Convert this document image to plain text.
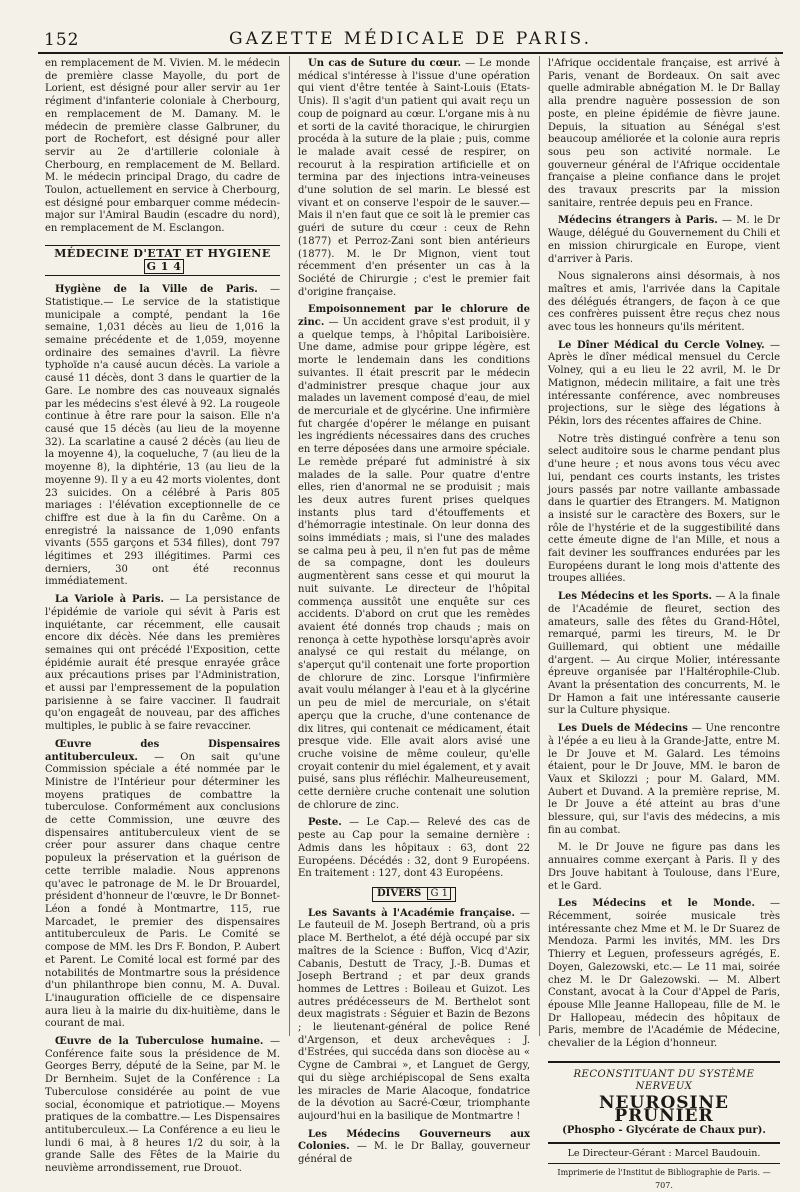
152	GAZETTE MÉDICALE DE PARIS.

en remplacement de M. Vivien. M. le médecin de première classe Mayolle, du port de Lorient, est désigné pour aller servir au 1er régiment d'infanterie coloniale à Cherbourg, en remplacement de M. Damany. M. le médecin de première classe Galbruner, du port de Rochefort, est désigné pour aller servir au 2e d'artillerie coloniale à Cherbourg, en remplacement de M. Bellard. M. le médecin principal Drago, du cadre de Toulon, actuellement en service à Cherbourg, est désigné pour embarquer comme médecin-major sur l'Amiral Baudin (escadre du nord), en remplacement de M. Esclangon.

MÉDECINE D'ETAT ET HYGIENE G 1 4

Hygiène de la Ville de Paris. — Statistique.— Le service de la statistique municipale a compté, pendant la 16e semaine, 1,031 décès au lieu de 1,016 la semaine précédente et de 1,059, moyenne ordinaire des semaines d'avril. La fièvre typhoïde n'a causé aucun décès. La variole a causé 11 décès, dont 3 dans le quartier de la Gare. Le nombre des cas nouveaux signalés par les médecins s'est élevé à 92. La rougeole continue à être rare pour la saison. Elle n'a causé que 15 décès (au lieu de la moyenne 32). La scarlatine a causé 2 décès (au lieu de la moyenne 4), la coqueluche, 7 (au lieu de la moyenne 8), la diphtérie, 13 (au lieu de la moyenne 9). Il y a eu 42 morts violentes, dont 23 suicides. On a célébré à Paris 805 mariages : l'élévation exceptionnelle de ce chiffre est due à la fin du Carême. On a enregistré la naissance de 1,090 enfants vivants (555 garçons et 534 filles), dont 797 légitimes et 293 illégitimes. Parmi ces derniers, 30 ont été reconnus immédiatement.

La Variole à Paris. — La persistance de l'épidémie de variole qui sévit à Paris est inquiétante, car récemment, elle causait encore dix décès. Née dans les premières semaines qui ont précédé l'Exposition, cette épidémie aurait été presque enrayée grâce aux précautions prises par l'Administration, et aussi par l'empressement de la population parisienne à se faire vacciner. Il faudrait qu'on engageât de nouveau, par des affiches multiples, le public à se faire revacciner.

Œuvre des Dispensaires antituberculeux. — On sait qu'une Commission spéciale a été nommée par le Ministre de l'Intérieur pour déterminer les moyens pratiques de combattre la tuberculose. Conformément aux conclusions de cette Commission, une œuvre des dispensaires antituberculeux vient de se créer pour assurer dans chaque centre populeux la préservation et la guérison de cette terrible maladie. Nous apprenons qu'avec le patronage de M. le Dr Brouardel, président d'honneur de l'œuvre, le Dr Bonnet-Léon a fondé à Montmartre, 115, rue Marcadet, le premier des dispensaires antituberculeux de Paris. Le Comité se compose de MM. les Drs F. Bondon, P. Aubert et Parent. Le Comité local est formé par des notabilités de Montmartre sous la présidence d'un philanthrope bien connu, M. A. Duval. L'inauguration officielle de ce dispensaire aura lieu à la mairie du dix-huitième, dans le courant de mai.

Œuvre de la Tuberculose humaine. — Conférence faite sous la présidence de M. Georges Berry, député de la Seine, par M. le Dr Bernheim. Sujet de la Conférence : La Tuberculose considérée au point de vue social, économique et patriotique.— Moyens pratiques de la combattre.— Les Dispensaires antituberculeux.— La Conférence a eu lieu le lundi 6 mai, à 8 heures 1/2 du soir, à la grande Salle des Fêtes de la Mairie du neuvième arrondissement, rue Drouot.

Un cas de Suture du cœur. — Le monde médical s'intéresse à l'issue d'une opération qui vient d'être tentée à Saint-Louis (Etats-Unis). Il s'agit d'un patient qui avait reçu un coup de poignard au cœur. L'organe mis à nu et sorti de la cavité thoracique, le chirurgien procéda à la suture de la plaie ; puis, comme le malade avait cessé de respirer, on recourut à la respiration artificielle et on termina par des injections intra-veineuses d'une solution de sel marin. Le blessé est vivant et on conserve l'espoir de le sauver.— Mais il n'en faut que ce soit là le premier cas guéri de suture du cœur : ceux de Rehn (1877) et Perroz-Zani sont bien antérieurs (1877). M. le Dr Mignon, vient tout récemment d'en présenter un cas à la Société de Chirurgie ; c'est le premier fait d'origine française.

Empoisonnement par le chlorure de zinc. — Un accident grave s'est produit, il y a quelque temps, à l'hôpital Lariboisière. Une dame, admise pour grippe légère, est morte le lendemain dans les conditions suivantes. Il était prescrit par le médecin d'administrer presque chaque jour aux malades un lavement composé d'eau, de miel de mercuriale et de glycérine. Une infirmière fut chargée d'opérer le mélange en puisant les ingrédients nécessaires dans des cruches en terre déposées dans une armoire spéciale. Le remède préparé fut administré à six malades de la salle. Pour quatre d'entre elles, rien d'anormal ne se produisit ; mais les deux autres furent prises quelques instants plus tard d'étouffements et d'hémorragie intestinale. On leur donna des soins immédiats ; mais, si l'une des malades se calma peu à peu, il n'en fut pas de même de sa compagne, dont les douleurs augmentèrent sans cesse et qui mourut la nuit suivante. Le directeur de l'hôpital commença aussitôt une enquête sur ces accidents. D'abord on crut que les remèdes avaient été donnés trop chauds ; mais on renonça à cette hypothèse lorsqu'après avoir analysé ce qui restait du mélange, on s'aperçut qu'il contenait une forte proportion de chlorure de zinc. Lorsque l'infirmière avait voulu mélanger à l'eau et à la glycérine un peu de miel de mercuriale, on s'était aperçu que la cruche, d'une contenance de dix litres, qui contenait ce médicament, était presque vide. Elle avait alors avisé une cruche voisine de même couleur, qu'elle croyait contenir du miel également, et y avait puisé, sans plus réfléchir. Malheureusement, cette dernière cruche contenait une solution de chlorure de zinc.

Peste. — Le Cap.— Relevé des cas de peste au Cap pour la semaine dernière : Admis dans les hôpitaux : 63, dont 22 Européens. Décédés : 32, dont 9 Européens. En traitement : 127, dont 43 Européens.

DIVERS G 1

Les Savants à l'Académie française. — Le fauteuil de M. Joseph Bertrand, où a pris place M. Berthelot, a été déjà occupé par six maîtres de la Science : Buffon, Vicq d'Azir, Cabanis, Destutt de Tracy, J.-B. Dumas et Joseph Bertrand ; et par deux grands hommes de Lettres : Boileau et Guizot. Les autres prédécesseurs de M. Berthelot sont deux magistrats : Séguier et Bazin de Bezons ; le lieutenant-général de police René d'Argenson, et deux archevêques : J. d'Estrées, qui succéda dans son diocèse au « Cygne de Cambrai », et Languet de Gergy, qui du siège archiépiscopal de Sens exalta les miracles de Marie Alacoque, fondatrice de la dévotion au Sacré-Cœur, triomphante aujourd'hui en la basilique de Montmartre !

Les Médecins Gouverneurs aux Colonies. — M. le Dr Ballay, gouverneur général de

l'Afrique occidentale française, est arrivé à Paris, venant de Bordeaux. On sait avec quelle admirable abnégation M. le Dr Ballay alla prendre naguère possession de son poste, en pleine épidémie de fièvre jaune. Depuis, la situation au Sénégal s'est beaucoup améliorée et la colonie aura repris sous peu son activité normale. Le gouverneur général de l'Afrique occidentale française a pleine confiance dans le projet des travaux prescrits par la mission sanitaire, rentrée depuis peu en France.

Médecins étrangers à Paris. — M. le Dr Wauge, délégué du Gouvernement du Chili et en mission chirurgicale en Europe, vient d'arriver à Paris.

Nous signalerons ainsi désormais, à nos maîtres et amis, l'arrivée dans la Capitale des délégués étrangers, de façon à ce que ces confrères puissent être reçus chez nous avec tous les honneurs qu'ils méritent.

Le Dîner Médical du Cercle Volney. — Après le dîner médical mensuel du Cercle Volney, qui a eu lieu le 22 avril, M. le Dr Matignon, médecin militaire, a fait une très intéressante conférence, avec nombreuses projections, sur le siège des légations à Pékin, lors des récentes affaires de Chine.

Notre très distingué confrère a tenu son select auditoire sous le charme pendant plus d'une heure ; et nous avons tous vécu avec lui, pendant ces courts instants, les tristes jours passés par notre vaillante ambassade dans le quartier des Etrangers. M. Matignon a insisté sur le caractère des Boxers, sur le rôle de l'hystérie et de la suggestibilité dans cette émeute digne de l'an Mille, et nous a fait deviner les souffrances endurées par les Européens durant le long mois d'attente des troupes alliées.

Les Médecins et les Sports. — A la finale de l'Académie de fleuret, section des amateurs, salle des fêtes du Grand-Hôtel, remarqué, parmi les tireurs, M. le Dr Guillemard, qui obtient une médaille d'argent. — Au cirque Molier, intéressante épreuve organisée par l'Haltérophile-Club. Avant la présentation des concurrents, M. le Dr Hamon a fait une intéressante causerie sur la Culture physique.

Les Duels de Médecins — Une rencontre à l'épée a eu lieu à la Grande-Jatte, entre M. le Dr Jouve et M. Galard. Les témoins étaient, pour le Dr Jouve, MM. le baron de Vaux et Skilozzi ; pour M. Galard, MM. Aubert et Duvand. A la première reprise, M. le Dr Jouve a été atteint au bras d'une blessure, qui, sur l'avis des médecins, a mis fin au combat.

M. le Dr Jouve ne figure pas dans les annuaires comme exerçant à Paris. Il y des Drs Jouve habitant à Toulouse, dans l'Eure, et le Gard.

Les Médecins et le Monde. — Récemment, soirée musicale très intéressante chez Mme et M. le Dr Suarez de Mendoza. Parmi les invités, MM. les Drs Thierry et Leguen, professeurs agrégés, E. Doyen, Galezowski, etc.— Le 11 mai, soirée chez M. le Dr Galezowski. — M. Albert Constant, avocat à la Cour d'Appel de Paris, épouse Mlle Jeanne Hallopeau, fille de M. le Dr Hallopeau, médecin des hôpitaux de Paris, membre de l'Académie de Médecine, chevalier de la Légion d'honneur.

RECONSTITUANT DU SYSTÈME NERVEUX
NEUROSINE PRUNIER
(Phospho - Glycérate de Chaux pur).
Le Directeur-Gérant : Marcel Baudouin.
Imprimerie de l'Institut de Bibliographie de Paris. — 707.
